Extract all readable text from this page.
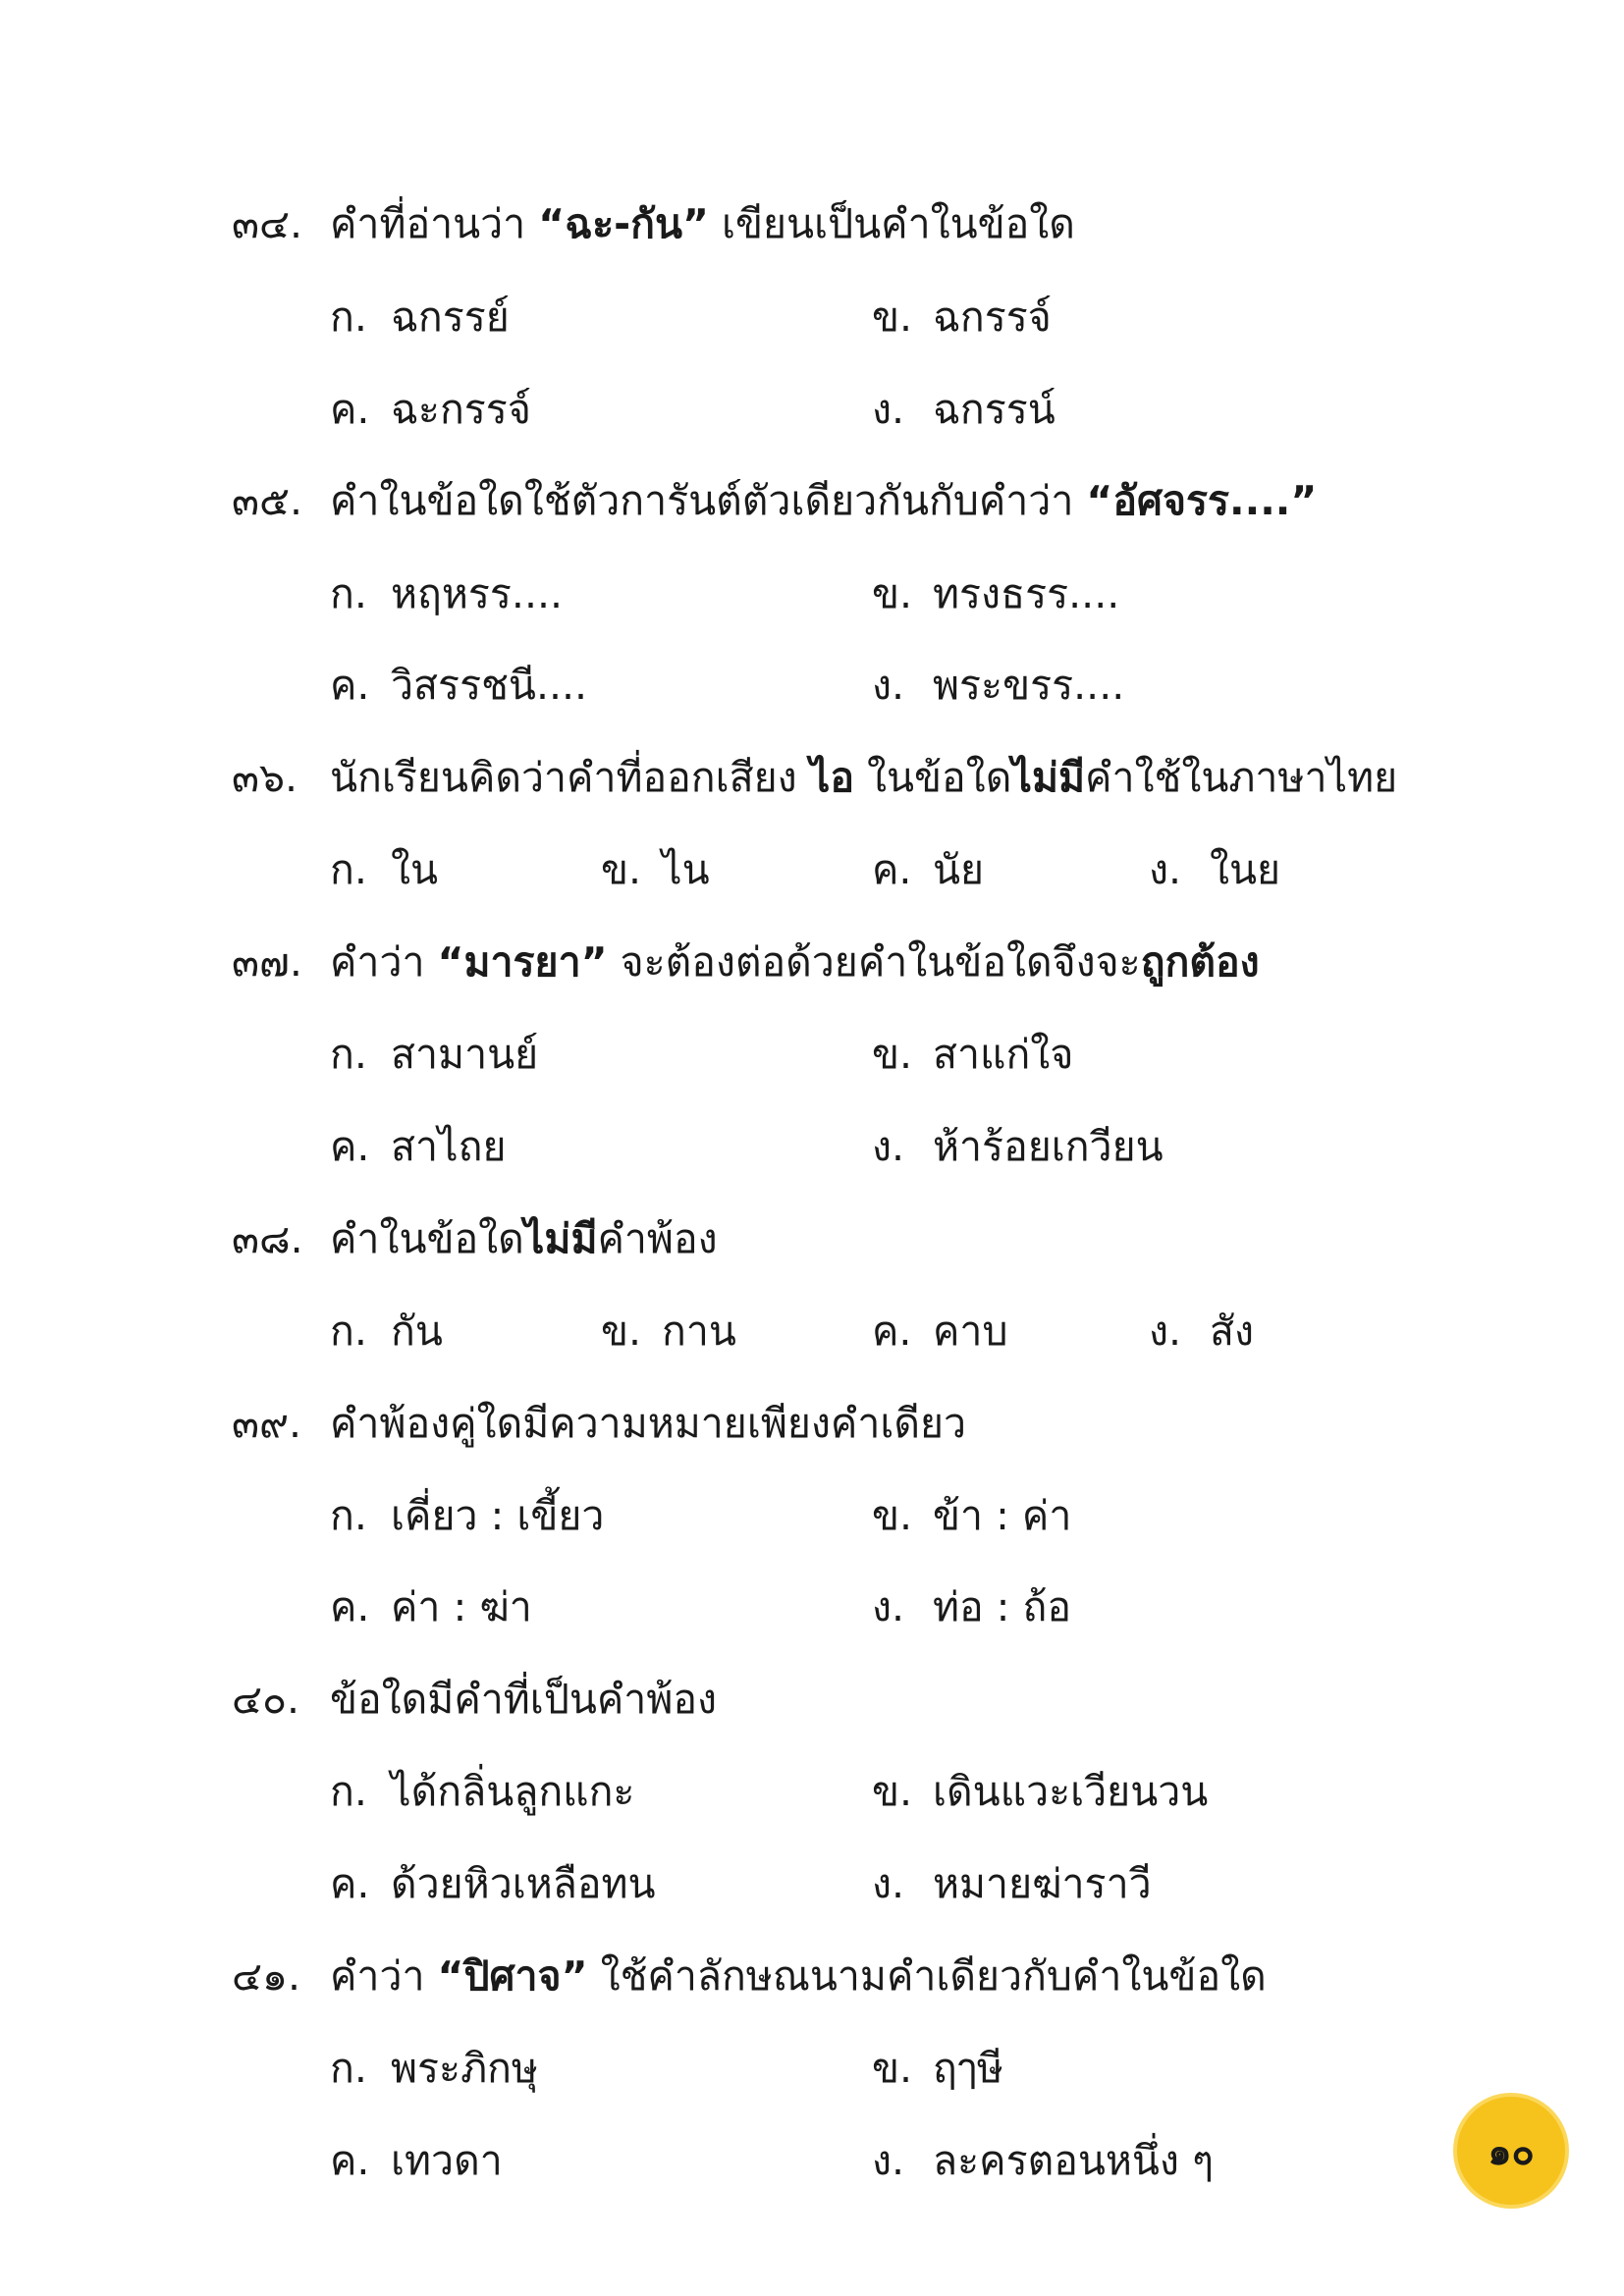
๓๔. คำที่อ่านว่า “ฉะ-กัน” เขียนเป็นคำในข้อใด
ก. ฉกรรย์	ข. ฉกรรจ์
ค. ฉะกรรจ์	ง. ฉกรรน์
๓๕. คำในข้อใดใช้ตัวการันต์ตัวเดียวกันกับคำว่า “อัศจรร....”
ก. หฤหรร....	ข. ทรงธรร....
ค. วิสรรชนี....	ง. พระขรร....
๓๖. นักเรียนคิดว่าคำที่ออกเสียง ไอ ในข้อใดไม่มีคำใช้ในภาษาไทย
ก. ใน	ข. ไน	ค. นัย	ง. ในย
๓๗. คำว่า “มารยา” จะต้องต่อด้วยคำในข้อใดจึงจะถูกต้อง
ก. สามานย์	ข. สาแก่ใจ
ค. สาไถย	ง. ห้าร้อยเกวียน
๓๘. คำในข้อใดไม่มีคำพ้อง
ก. กัน	ข. กาน	ค. คาบ	ง. สัง
๓๙. คำพ้องคู่ใดมีความหมายเพียงคำเดียว
ก. เคี่ยว : เขี้ยว	ข. ข้า : ค่า
ค. ค่า : ฆ่า	ง. ท่อ : ถ้อ
๔๐. ข้อใดมีคำที่เป็นคำพ้อง
ก. ได้กลิ่นลูกแกะ	ข. เดินแวะเวียนวน
ค. ด้วยหิวเหลือทน	ง. หมายฆ่าราวี
๔๑. คำว่า “ปิศาจ” ใช้คำลักษณนามคำเดียวกับคำในข้อใด
ก. พระภิกษุ	ข. ฤๅษี
ค. เทวดา	ง. ละครตอนหนึ่ง ๆ	๑๐
